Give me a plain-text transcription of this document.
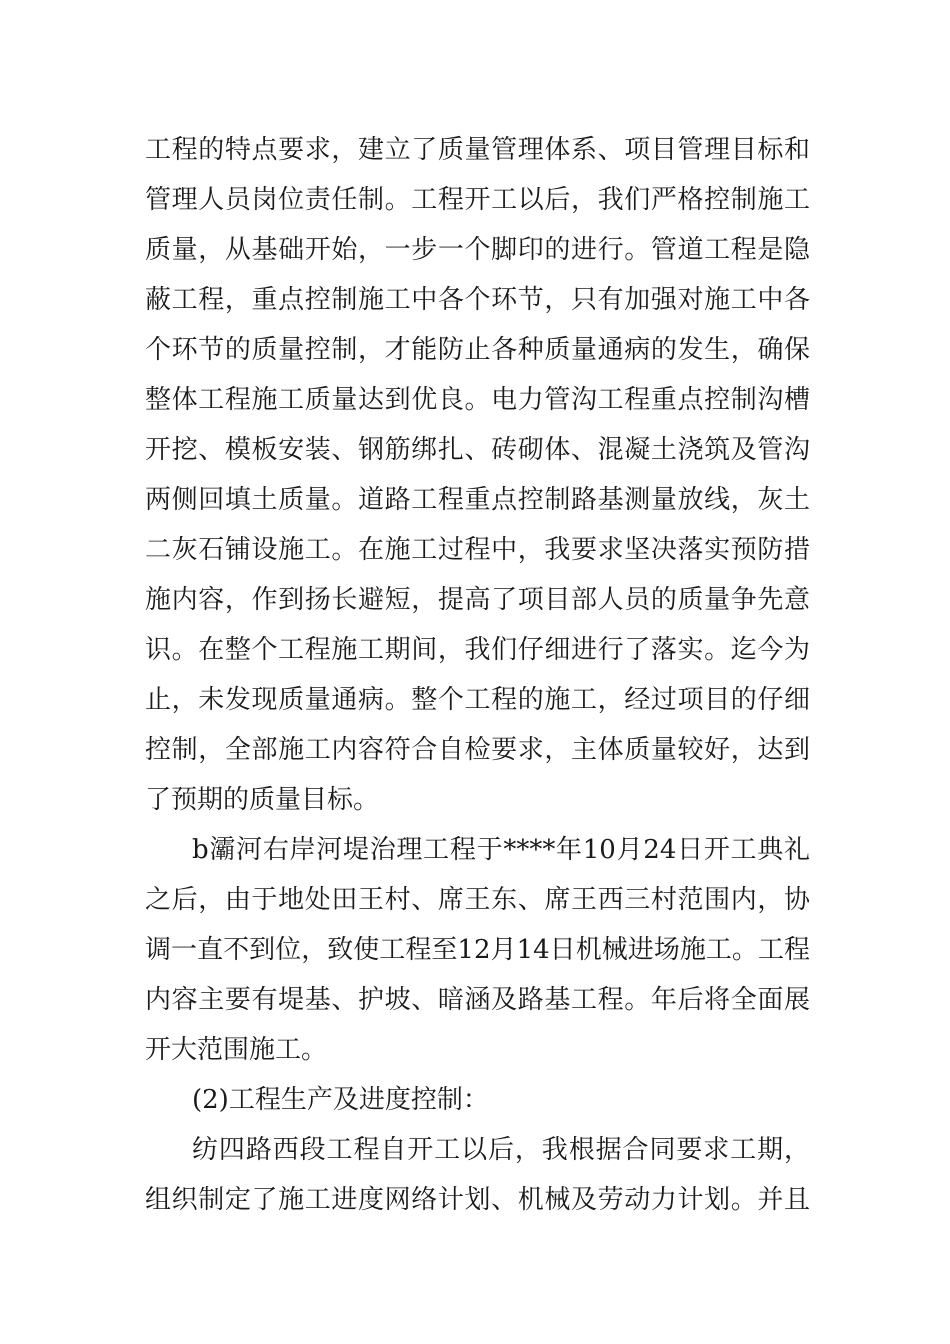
工程的特点要求，建立了质量管理体系、项目管理目标和
管理人员岗位责任制。工程开工以后，我们严格控制施工
质量，从基础开始，一步一个脚印的进行。管道工程是隐
蔽工程，重点控制施工中各个环节，只有加强对施工中各
个环节的质量控制，才能防止各种质量通病的发生，确保
整体工程施工质量达到优良。电力管沟工程重点控制沟槽
开挖、模板安装、钢筋绑扎、砖砌体、混凝土浇筑及管沟
两侧回填土质量。道路工程重点控制路基测量放线，灰土
二灰石铺设施工。在施工过程中，我要求坚决落实预防措
施内容，作到扬长避短，提高了项目部人员的质量争先意
识。在整个工程施工期间，我们仔细进行了落实。迄今为
止，未发现质量通病。整个工程的施工，经过项目的仔细
控制，全部施工内容符合自检要求，主体质量较好，达到
了预期的质量目标。
b灞河右岸河堤治理工程于****年10月24日开工典礼
之后，由于地处田王村、席王东、席王西三村范围内，协
调一直不到位，致使工程至12月14日机械进场施工。工程
内容主要有堤基、护坡、暗涵及路基工程。年后将全面展
开大范围施工。
(2)工程生产及进度控制：
纺四路西段工程自开工以后，我根据合同要求工期，
组织制定了施工进度网络计划、机械及劳动力计划。并且
